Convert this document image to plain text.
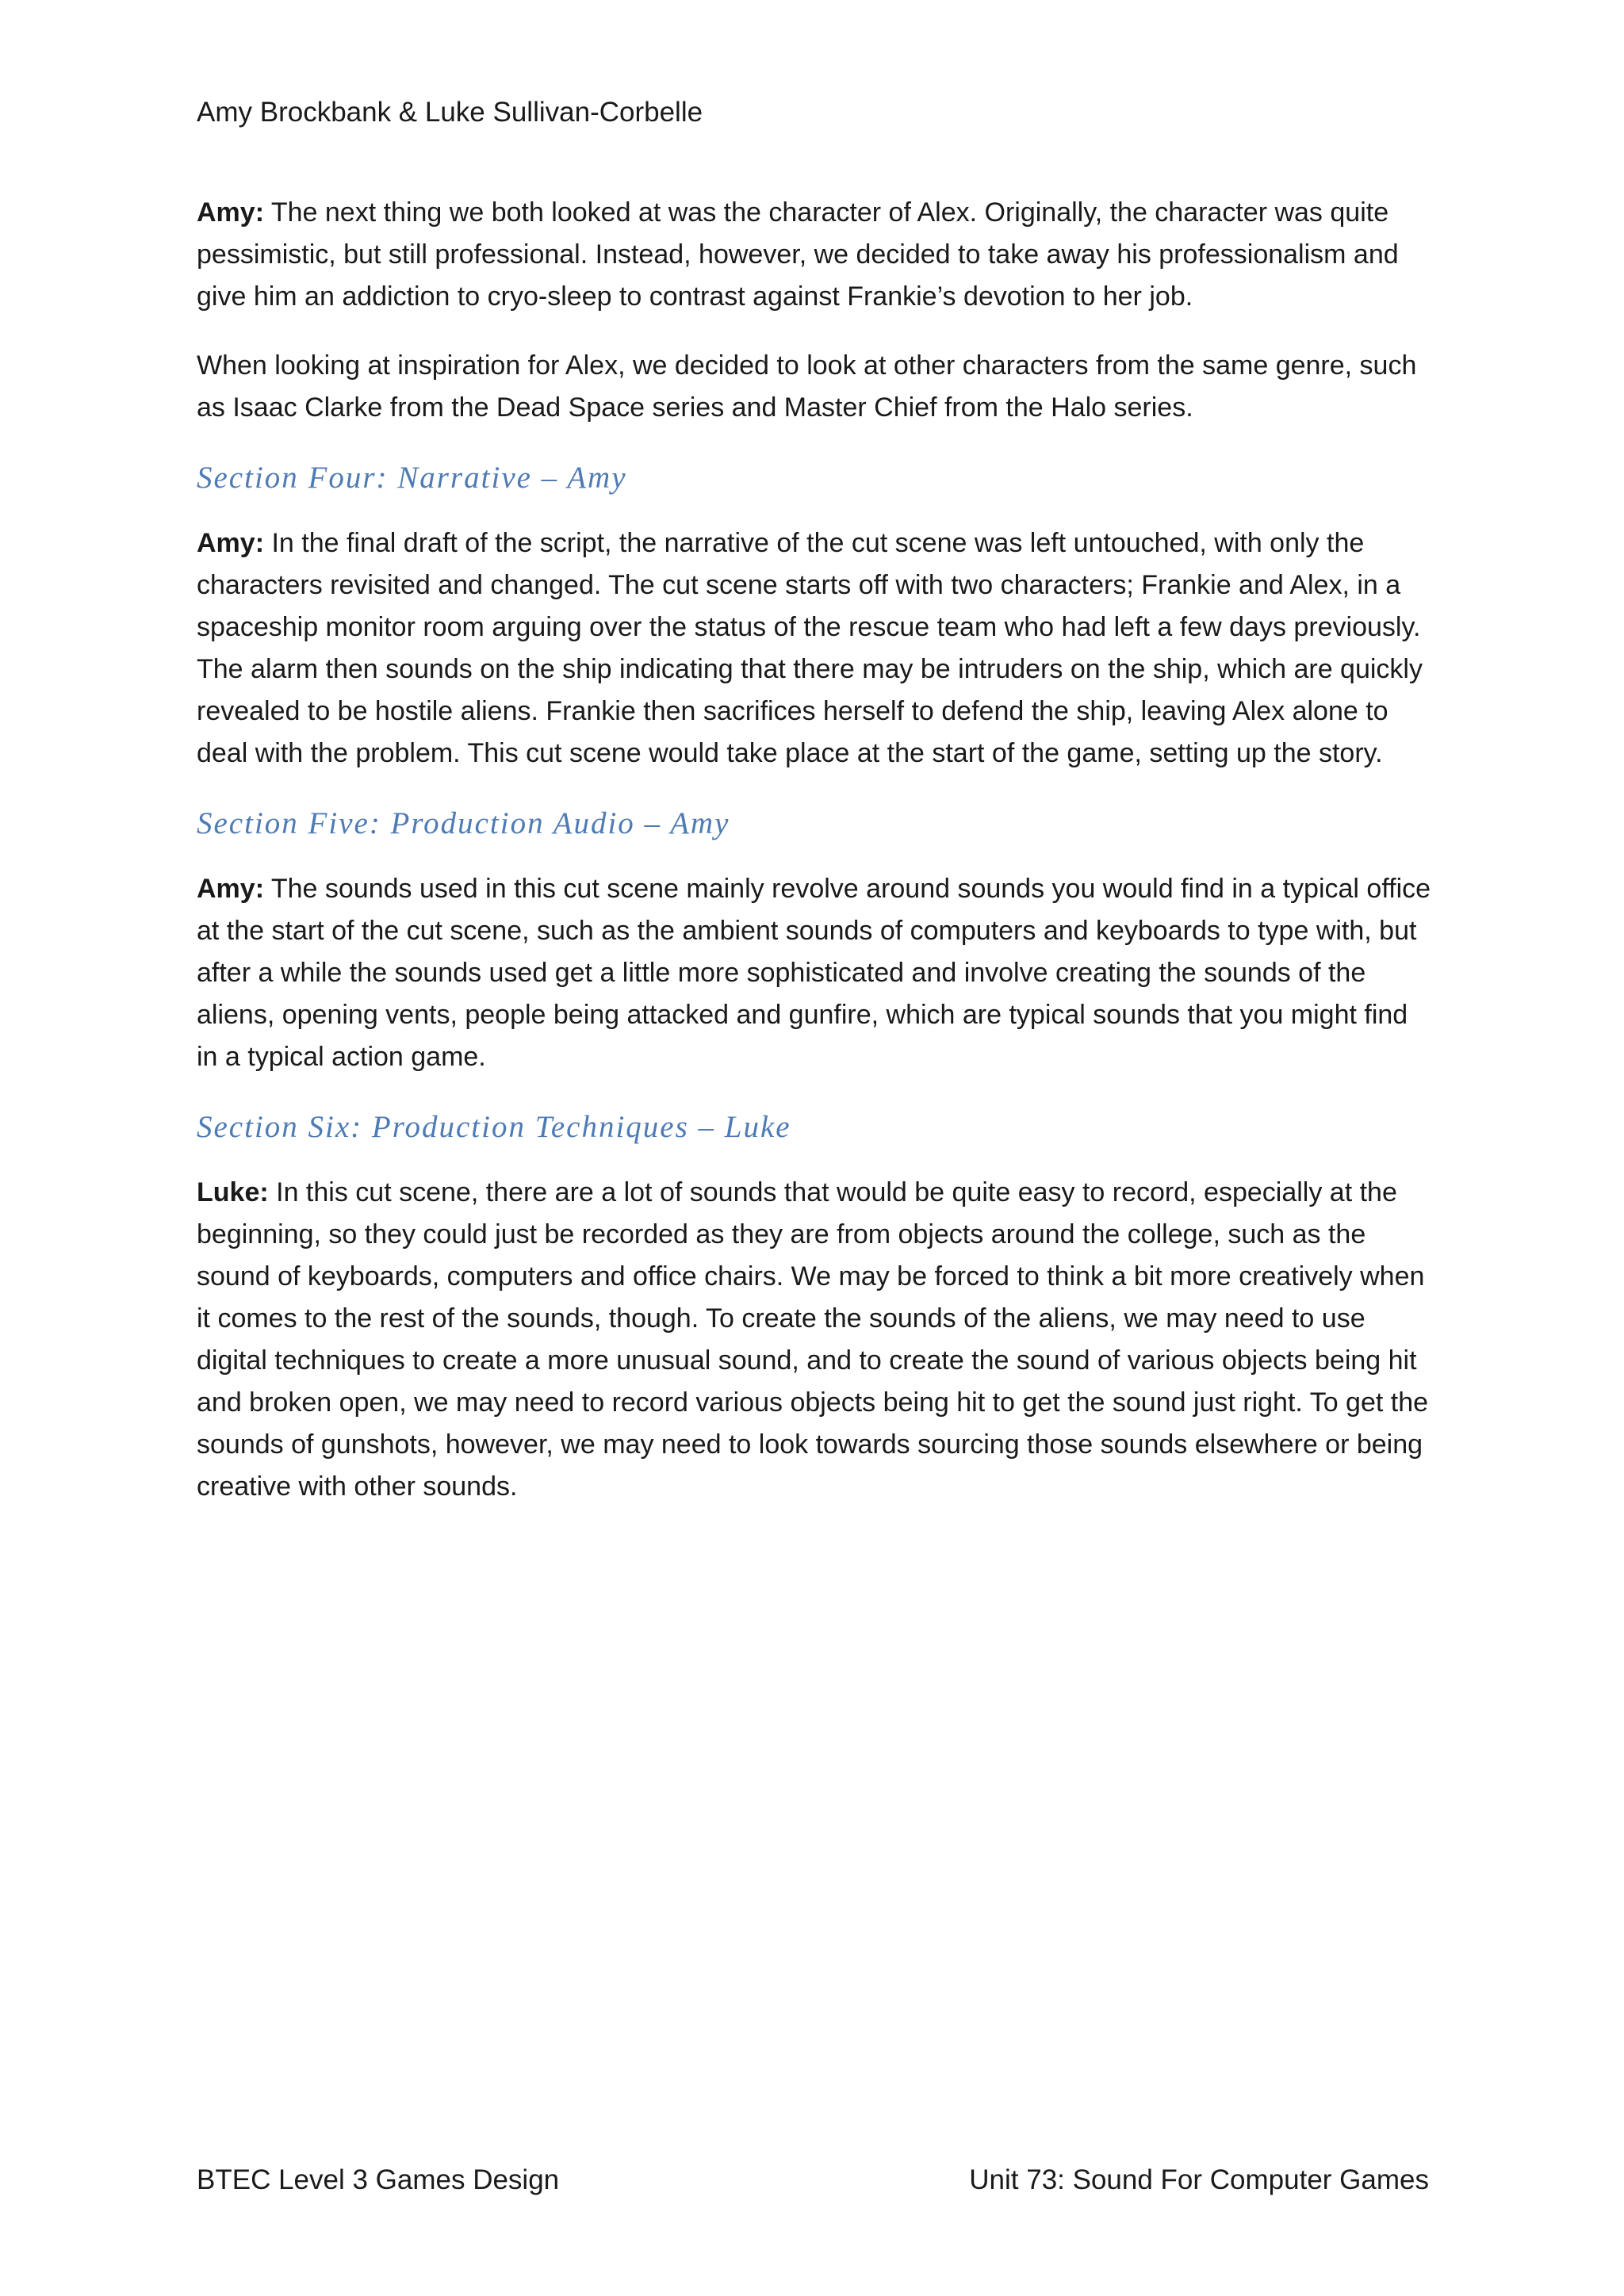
Amy Brockbank & Luke Sullivan-Corbelle

Amy: The next thing we both looked at was the character of Alex. Originally, the character was quite pessimistic, but still professional. Instead, however, we decided to take away his professionalism and give him an addiction to cryo-sleep to contrast against Frankie’s devotion to her job.

When looking at inspiration for Alex, we decided to look at other characters from the same genre, such as Isaac Clarke from the Dead Space series and Master Chief from the Halo series.

Section Four: Narrative – Amy

Amy: In the final draft of the script, the narrative of the cut scene was left untouched, with only the characters revisited and changed. The cut scene starts off with two characters; Frankie and Alex, in a spaceship monitor room arguing over the status of the rescue team who had left a few days previously. The alarm then sounds on the ship indicating that there may be intruders on the ship, which are quickly revealed to be hostile aliens. Frankie then sacrifices herself to defend the ship, leaving Alex alone to deal with the problem. This cut scene would take place at the start of the game, setting up the story.

Section Five: Production Audio – Amy

Amy: The sounds used in this cut scene mainly revolve around sounds you would find in a typical office at the start of the cut scene, such as the ambient sounds of computers and keyboards to type with, but after a while the sounds used get a little more sophisticated and involve creating the sounds of the aliens, opening vents, people being attacked and gunfire, which are typical sounds that you might find in a typical action game.

Section Six: Production Techniques – Luke

Luke: In this cut scene, there are a lot of sounds that would be quite easy to record, especially at the beginning, so they could just be recorded as they are from objects around the college, such as the sound of keyboards, computers and office chairs. We may be forced to think a bit more creatively when it comes to the rest of the sounds, though. To create the sounds of the aliens, we may need to use digital techniques to create a more unusual sound, and to create the sound of various objects being hit and broken open, we may need to record various objects being hit to get the sound just right. To get the sounds of gunshots, however, we may need to look towards sourcing those sounds elsewhere or being creative with other sounds.

BTEC Level 3 Games Design	Unit 73: Sound For Computer Games
